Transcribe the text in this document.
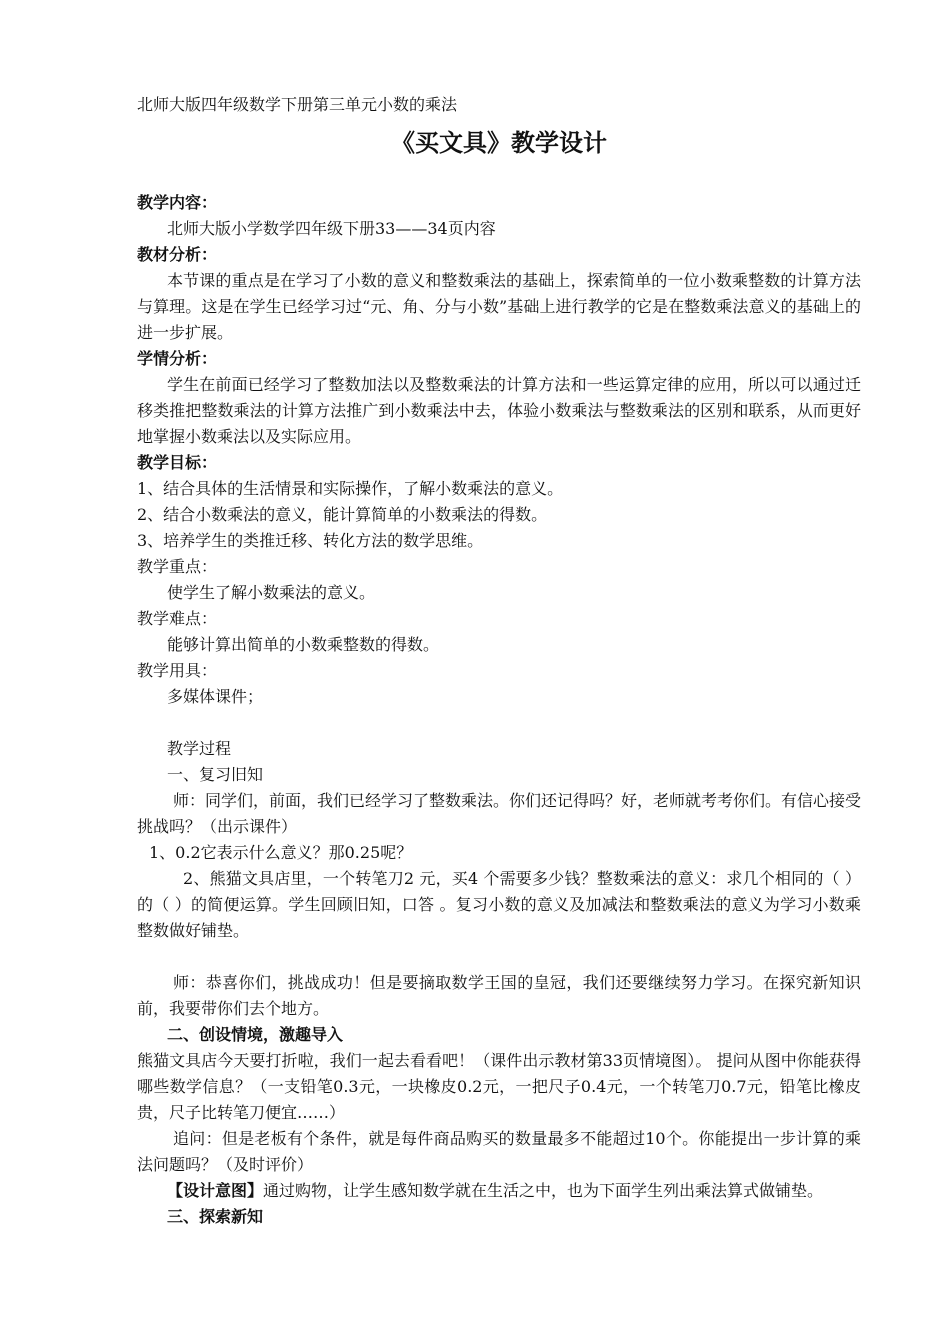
北师大版四年级数学下册第三单元小数的乘法

《买文具》教学设计

教学内容：

北师大版小学数学四年级下册33——34页内容

教材分析：

本节课的重点是在学习了小数的意义和整数乘法的基础上，探索简单的一位小数乘整数的计算方法与算理。这是在学生已经学习过“元、角、分与小数”基础上进行教学的它是在整数乘法意义的基础上的进一步扩展。

学情分析：

学生在前面已经学习了整数加法以及整数乘法的计算方法和一些运算定律的应用，所以可以通过迁移类推把整数乘法的计算方法推广到小数乘法中去，体验小数乘法与整数乘法的区别和联系，从而更好地掌握小数乘法以及实际应用。

教学目标：

1、结合具体的生活情景和实际操作，了解小数乘法的意义。

2、结合小数乘法的意义，能计算简单的小数乘法的得数。

3、培养学生的类推迁移、转化方法的数学思维。

教学重点：

使学生了解小数乘法的意义。

教学难点：

能够计算出简单的小数乘整数的得数。

教学用具：

多媒体课件；

教学过程

一、复习旧知

师：同学们，前面，我们已经学习了整数乘法。你们还记得吗？好，老师就考考你们。有信心接受挑战吗？（出示课件）

1、0.2它表示什么意义？那0.25呢？

2、熊猫文具店里，一个转笔刀2 元，买4 个需要多少钱？整数乘法的意义：求几个相同的（ ）的（ ）的简便运算。学生回顾旧知，口答 。复习小数的意义及加减法和整数乘法的意义为学习小数乘整数做好铺垫。

师：恭喜你们，挑战成功！但是要摘取数学王国的皇冠，我们还要继续努力学习。在探究新知识前，我要带你们去个地方。

二、创设情境，激趣导入

熊猫文具店今天要打折啦，我们一起去看看吧！（课件出示教材第33页情境图）。 提问从图中你能获得哪些数学信息？（一支铅笔0.3元，一块橡皮0.2元，一把尺子0.4元，一个转笔刀0.7元，铅笔比橡皮贵，尺子比转笔刀便宜……）

追问：但是老板有个条件，就是每件商品购买的数量最多不能超过10个。你能提出一步计算的乘法问题吗？（及时评价）

【设计意图】通过购物，让学生感知数学就在生活之中，也为下面学生列出乘法算式做铺垫。

三、探索新知
